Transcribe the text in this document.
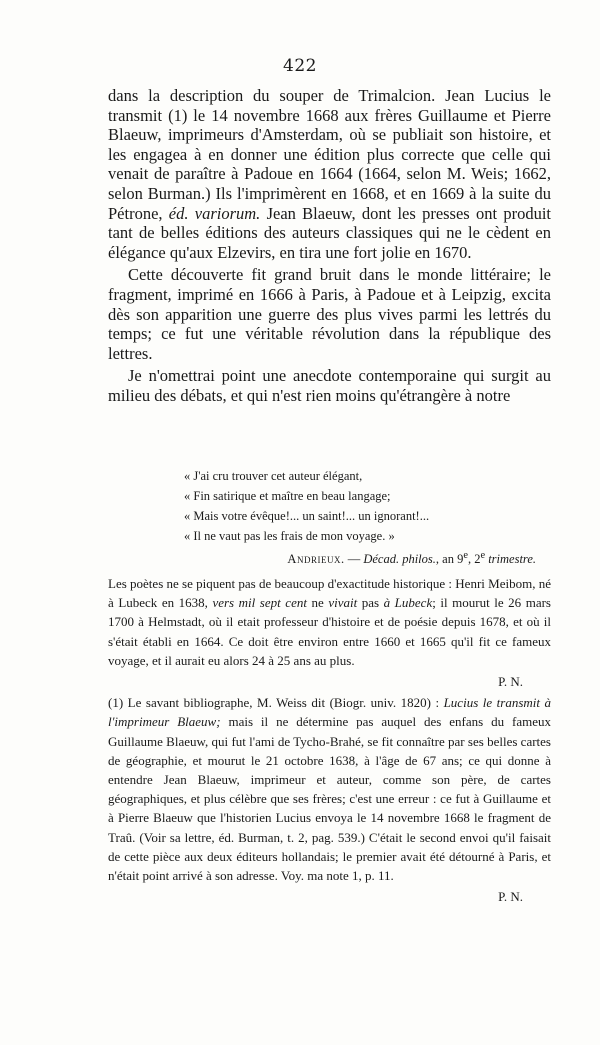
422

dans la description du souper de Trimalcion. Jean Lucius le transmit (1) le 14 novembre 1668 aux frères Guillaume et Pierre Blaeuw, imprimeurs d'Amsterdam, où se publiait son histoire, et les engagea à en donner une édition plus correcte que celle qui venait de paraître à Padoue en 1664 (1664, selon M. Weis; 1662, selon Burman.) Ils l'imprimèrent en 1668, et en 1669 à la suite du Pétrone, éd. variorum. Jean Blaeuw, dont les presses ont produit tant de belles éditions des auteurs classiques qui ne le cèdent en élégance qu'aux Elzevirs, en tira une fort jolie en 1670.

Cette découverte fit grand bruit dans le monde littéraire; le fragment, imprimé en 1666 à Paris, à Padoue et à Leipzig, excita dès son apparition une guerre des plus vives parmi les lettrés du temps; ce fut une véritable révolution dans la république des lettres.

Je n'omettrai point une anecdote contemporaine qui surgit au milieu des débats, et qui n'est rien moins qu'étrangère à notre

« J'ai cru trouver cet auteur élégant,
« Fin satirique et maître en beau langage;
« Mais votre évêque!... un saint!... un ignorant!...
« Il ne vaut pas les frais de mon voyage. »
Andrieux. — Décad. philos., an 9e, 2e trimestre.

Les poètes ne se piquent pas de beaucoup d'exactitude historique : Henri Meibom, né à Lubeck en 1638, vers mil sept cent ne vivait pas à Lubeck; il mourut le 26 mars 1700 à Helmstadt, où il etait professeur d'histoire et de poésie depuis 1678, et où il s'était établi en 1664. Ce doit être environ entre 1660 et 1665 qu'il fit ce fameux voyage, et il aurait eu alors 24 à 25 ans au plus.

P. N.

(1) Le savant bibliographe, M. Weiss dit (Biogr. univ. 1820) : Lucius le transmit à l'imprimeur Blaeuw; mais il ne détermine pas auquel des enfans du fameux Guillaume Blaeuw, qui fut l'ami de Tycho-Brahé, se fit connaître par ses belles cartes de géographie, et mourut le 21 octobre 1638, à l'âge de 67 ans; ce qui donne à entendre Jean Blaeuw, imprimeur et auteur, comme son père, de cartes géographiques, et plus célèbre que ses frères; c'est une erreur : ce fut à Guillaume et à Pierre Blaeuw que l'historien Lucius envoya le 14 novembre 1668 le fragment de Traû. (Voir sa lettre, éd. Burman, t. 2, pag. 539.) C'était le second envoi qu'il faisait de cette pièce aux deux éditeurs hollandais; le premier avait été détourné à Paris, et n'était point arrivé à son adresse. Voy. ma note 1, p. 11.

P. N.
